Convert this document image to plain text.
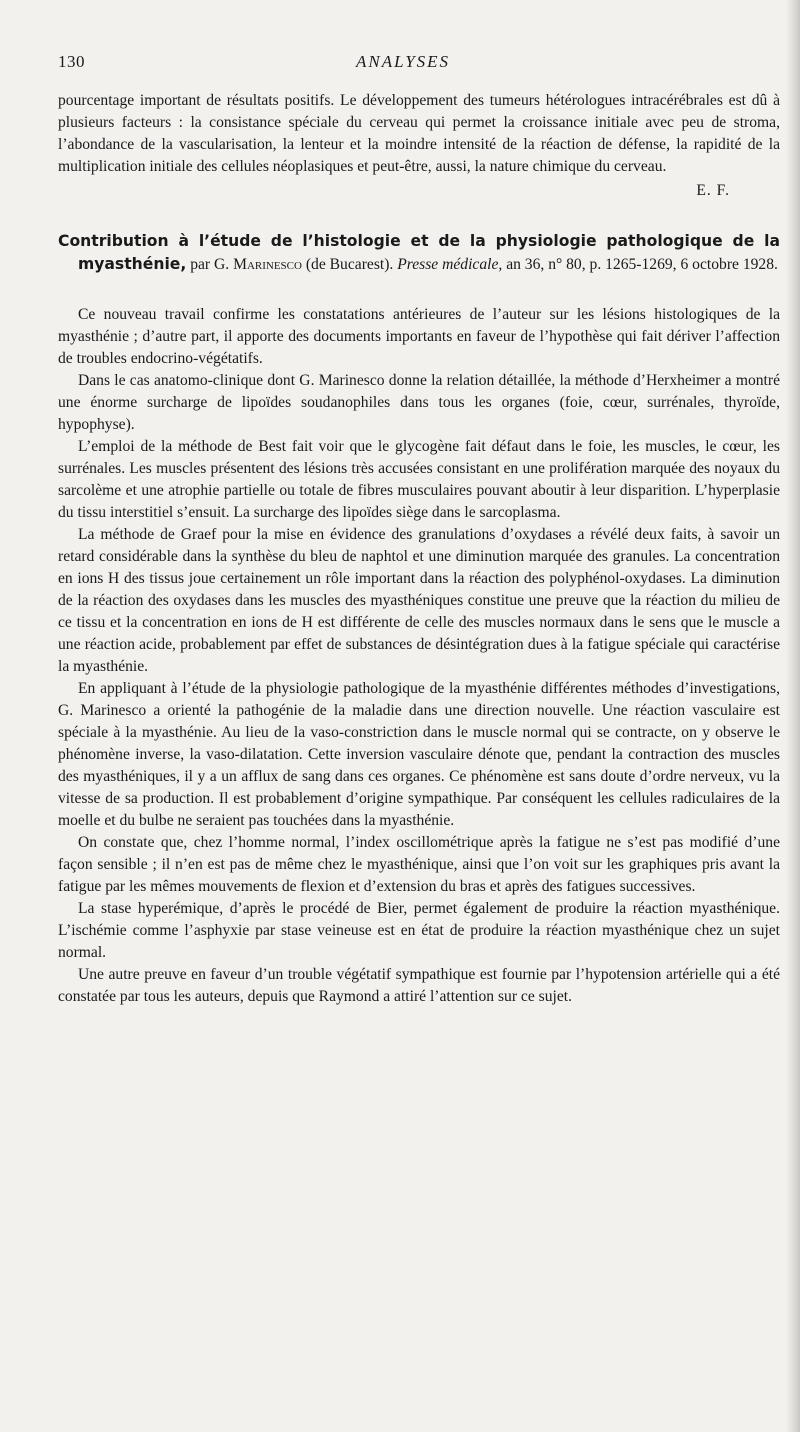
130	ANALYSES

pourcentage important de résultats positifs. Le développement des tumeurs hétérologues intracérébrales est dû à plusieurs facteurs : la consistance spéciale du cerveau qui permet la croissance initiale avec peu de stroma, l’abondance de la vascularisation, la lenteur et la moindre intensité de la réaction de défense, la rapidité de la multiplication initiale des cellules néoplasiques et peut-être, aussi, la nature chimique du cerveau.

E. F.

Contribution à l’étude de l’histologie et de la physiologie pathologique de la myasthénie, par G. Marinesco (de Bucarest). Presse médicale, an 36, n° 80, p. 1265-1269, 6 octobre 1928.

Ce nouveau travail confirme les constatations antérieures de l’auteur sur les lésions histologiques de la myasthénie ; d’autre part, il apporte des documents importants en faveur de l’hypothèse qui fait dériver l’affection de troubles endocrino-végétatifs.

Dans le cas anatomo-clinique dont G. Marinesco donne la relation détaillée, la méthode d’Herxheimer a montré une énorme surcharge de lipoïdes soudanophiles dans tous les organes (foie, cœur, surrénales, thyroïde, hypophyse).

L’emploi de la méthode de Best fait voir que le glycogène fait défaut dans le foie, les muscles, le cœur, les surrénales. Les muscles présentent des lésions très accusées consistant en une prolifération marquée des noyaux du sarcolème et une atrophie partielle ou totale de fibres musculaires pouvant aboutir à leur disparition. L’hyperplasie du tissu interstitiel s’ensuit. La surcharge des lipoïdes siège dans le sarcoplasma.

La méthode de Graef pour la mise en évidence des granulations d’oxydases a révélé deux faits, à savoir un retard considérable dans la synthèse du bleu de naphtol et une diminution marquée des granules. La concentration en ions H des tissus joue certainement un rôle important dans la réaction des polyphénol-oxydases. La diminution de la réaction des oxydases dans les muscles des myasthéniques constitue une preuve que la réaction du milieu de ce tissu et la concentration en ions de H est différente de celle des muscles normaux dans le sens que le muscle a une réaction acide, probablement par effet de substances de désintégration dues à la fatigue spéciale qui caractérise la myasthénie.

En appliquant à l’étude de la physiologie pathologique de la myasthénie différentes méthodes d’investigations, G. Marinesco a orienté la pathogénie de la maladie dans une direction nouvelle. Une réaction vasculaire est spéciale à la myasthénie. Au lieu de la vaso-constriction dans le muscle normal qui se contracte, on y observe le phénomène inverse, la vaso-dilatation. Cette inversion vasculaire dénote que, pendant la contraction des muscles des myasthéniques, il y a un afflux de sang dans ces organes. Ce phénomène est sans doute d’ordre nerveux, vu la vitesse de sa production. Il est probablement d’origine sympathique. Par conséquent les cellules radiculaires de la moelle et du bulbe ne seraient pas touchées dans la myasthénie.

On constate que, chez l’homme normal, l’index oscillométrique après la fatigue ne s’est pas modifié d’une façon sensible ; il n’en est pas de même chez le myasthénique, ainsi que l’on voit sur les graphiques pris avant la fatigue par les mêmes mouvements de flexion et d’extension du bras et après des fatigues successives.

La stase hyperémique, d’après le procédé de Bier, permet également de produire la réaction myasthénique. L’ischémie comme l’asphyxie par stase veineuse est en état de produire la réaction myasthénique chez un sujet normal.

Une autre preuve en faveur d’un trouble végétatif sympathique est fournie par l’hypotension artérielle qui a été constatée par tous les auteurs, depuis que Raymond a attiré l’attention sur ce sujet.
